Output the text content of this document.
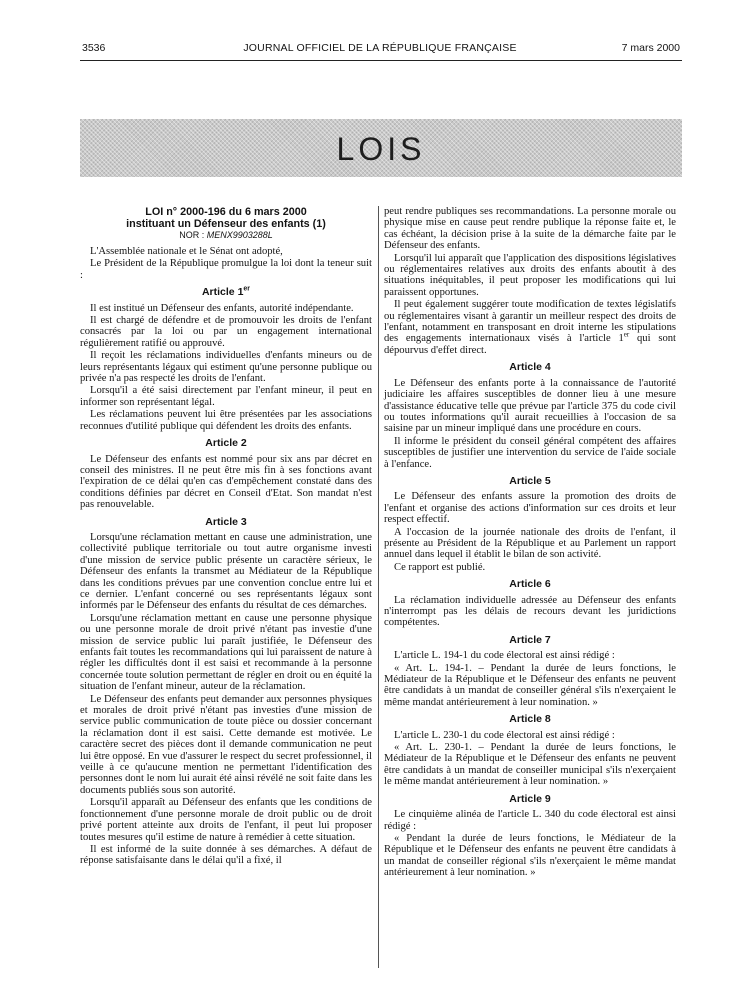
3536	JOURNAL OFFICIEL DE LA RÉPUBLIQUE FRANÇAISE	7 mars 2000
LOIS
LOI n° 2000-196 du 6 mars 2000
instituant un Défenseur des enfants (1)
NOR : MENX9903288L

L'Assemblée nationale et le Sénat ont adopté,

Le Président de la République promulgue la loi dont la teneur suit :

Article 1er

Il est institué un Défenseur des enfants, autorité indépendante.

Il est chargé de défendre et de promouvoir les droits de l'enfant consacrés par la loi ou par un engagement international régulièrement ratifié ou approuvé.

Il reçoit les réclamations individuelles d'enfants mineurs ou de leurs représentants légaux qui estiment qu'une personne publique ou privée n'a pas respecté les droits de l'enfant.

Lorsqu'il a été saisi directement par l'enfant mineur, il peut en informer son représentant légal.

Les réclamations peuvent lui être présentées par les associations reconnues d'utilité publique qui défendent les droits des enfants.

Article 2

Le Défenseur des enfants est nommé pour six ans par décret en conseil des ministres. Il ne peut être mis fin à ses fonctions avant l'expiration de ce délai qu'en cas d'empêchement constaté dans des conditions définies par décret en Conseil d'Etat. Son mandat n'est pas renouvelable.

Article 3

Lorsqu'une réclamation mettant en cause une administration, une collectivité publique territoriale ou tout autre organisme investi d'une mission de service public présente un caractère sérieux, le Défenseur des enfants la transmet au Médiateur de la République dans les conditions prévues par une convention conclue entre lui et ce dernier. L'enfant concerné ou ses représentants légaux sont informés par le Défenseur des enfants du résultat de ces démarches.

Lorsqu'une réclamation mettant en cause une personne physique ou une personne morale de droit privé n'étant pas investie d'une mission de service public lui paraît justifiée, le Défenseur des enfants fait toutes les recommandations qui lui paraissent de nature à régler les difficultés dont il est saisi et recommande à la personne concernée toute solution permettant de régler en droit ou en équité la situation de l'enfant mineur, auteur de la réclamation.

Le Défenseur des enfants peut demander aux personnes physiques et morales de droit privé n'étant pas investies d'une mission de service public communication de toute pièce ou dossier concernant la réclamation dont il est saisi. Cette demande est motivée. Le caractère secret des pièces dont il demande communication ne peut lui être opposé. En vue d'assurer le respect du secret professionnel, il veille à ce qu'aucune mention ne permettant l'identification des personnes dont le nom lui aurait été ainsi révélé ne soit faite dans les documents publiés sous son autorité.

Lorsqu'il apparaît au Défenseur des enfants que les conditions de fonctionnement d'une personne morale de droit public ou de droit privé portent atteinte aux droits de l'enfant, il peut lui proposer toutes mesures qu'il estime de nature à remédier à cette situation.

Il est informé de la suite donnée à ses démarches. A défaut de réponse satisfaisante dans le délai qu'il a fixé, il

peut rendre publiques ses recommandations. La personne morale ou physique mise en cause peut rendre publique la réponse faite et, le cas échéant, la décision prise à la suite de la démarche faite par le Défenseur des enfants.

Lorsqu'il lui apparaît que l'application des dispositions législatives ou réglementaires relatives aux droits des enfants aboutit à des situations inéquitables, il peut proposer les modifications qui lui paraissent opportunes.

Il peut également suggérer toute modification de textes législatifs ou réglementaires visant à garantir un meilleur respect des droits de l'enfant, notamment en transposant en droit interne les stipulations des engagements internationaux visés à l'article 1er qui sont dépourvus d'effet direct.

Article 4

Le Défenseur des enfants porte à la connaissance de l'autorité judiciaire les affaires susceptibles de donner lieu à une mesure d'assistance éducative telle que prévue par l'article 375 du code civil ou toutes informations qu'il aurait recueillies à l'occasion de sa saisine par un mineur impliqué dans une procédure en cours.

Il informe le président du conseil général compétent des affaires susceptibles de justifier une intervention du service de l'aide sociale à l'enfance.

Article 5

Le Défenseur des enfants assure la promotion des droits de l'enfant et organise des actions d'information sur ces droits et leur respect effectif.

A l'occasion de la journée nationale des droits de l'enfant, il présente au Président de la République et au Parlement un rapport annuel dans lequel il établit le bilan de son activité.

Ce rapport est publié.

Article 6

La réclamation individuelle adressée au Défenseur des enfants n'interrompt pas les délais de recours devant les juridictions compétentes.

Article 7

L'article L. 194-1 du code électoral est ainsi rédigé :

« Art. L. 194-1. – Pendant la durée de leurs fonctions, le Médiateur de la République et le Défenseur des enfants ne peuvent être candidats à un mandat de conseiller général s'ils n'exerçaient le même mandat antérieurement à leur nomination. »

Article 8

L'article L. 230-1 du code électoral est ainsi rédigé :

« Art. L. 230-1. – Pendant la durée de leurs fonctions, le Médiateur de la République et le Défenseur des enfants ne peuvent être candidats à un mandat de conseiller municipal s'ils n'exerçaient le même mandat antérieurement à leur nomination. »

Article 9

Le cinquième alinéa de l'article L. 340 du code électoral est ainsi rédigé :

« Pendant la durée de leurs fonctions, le Médiateur de la République et le Défenseur des enfants ne peuvent être candidats à un mandat de conseiller régional s'ils n'exerçaient le même mandat antérieurement à leur nomination. »
